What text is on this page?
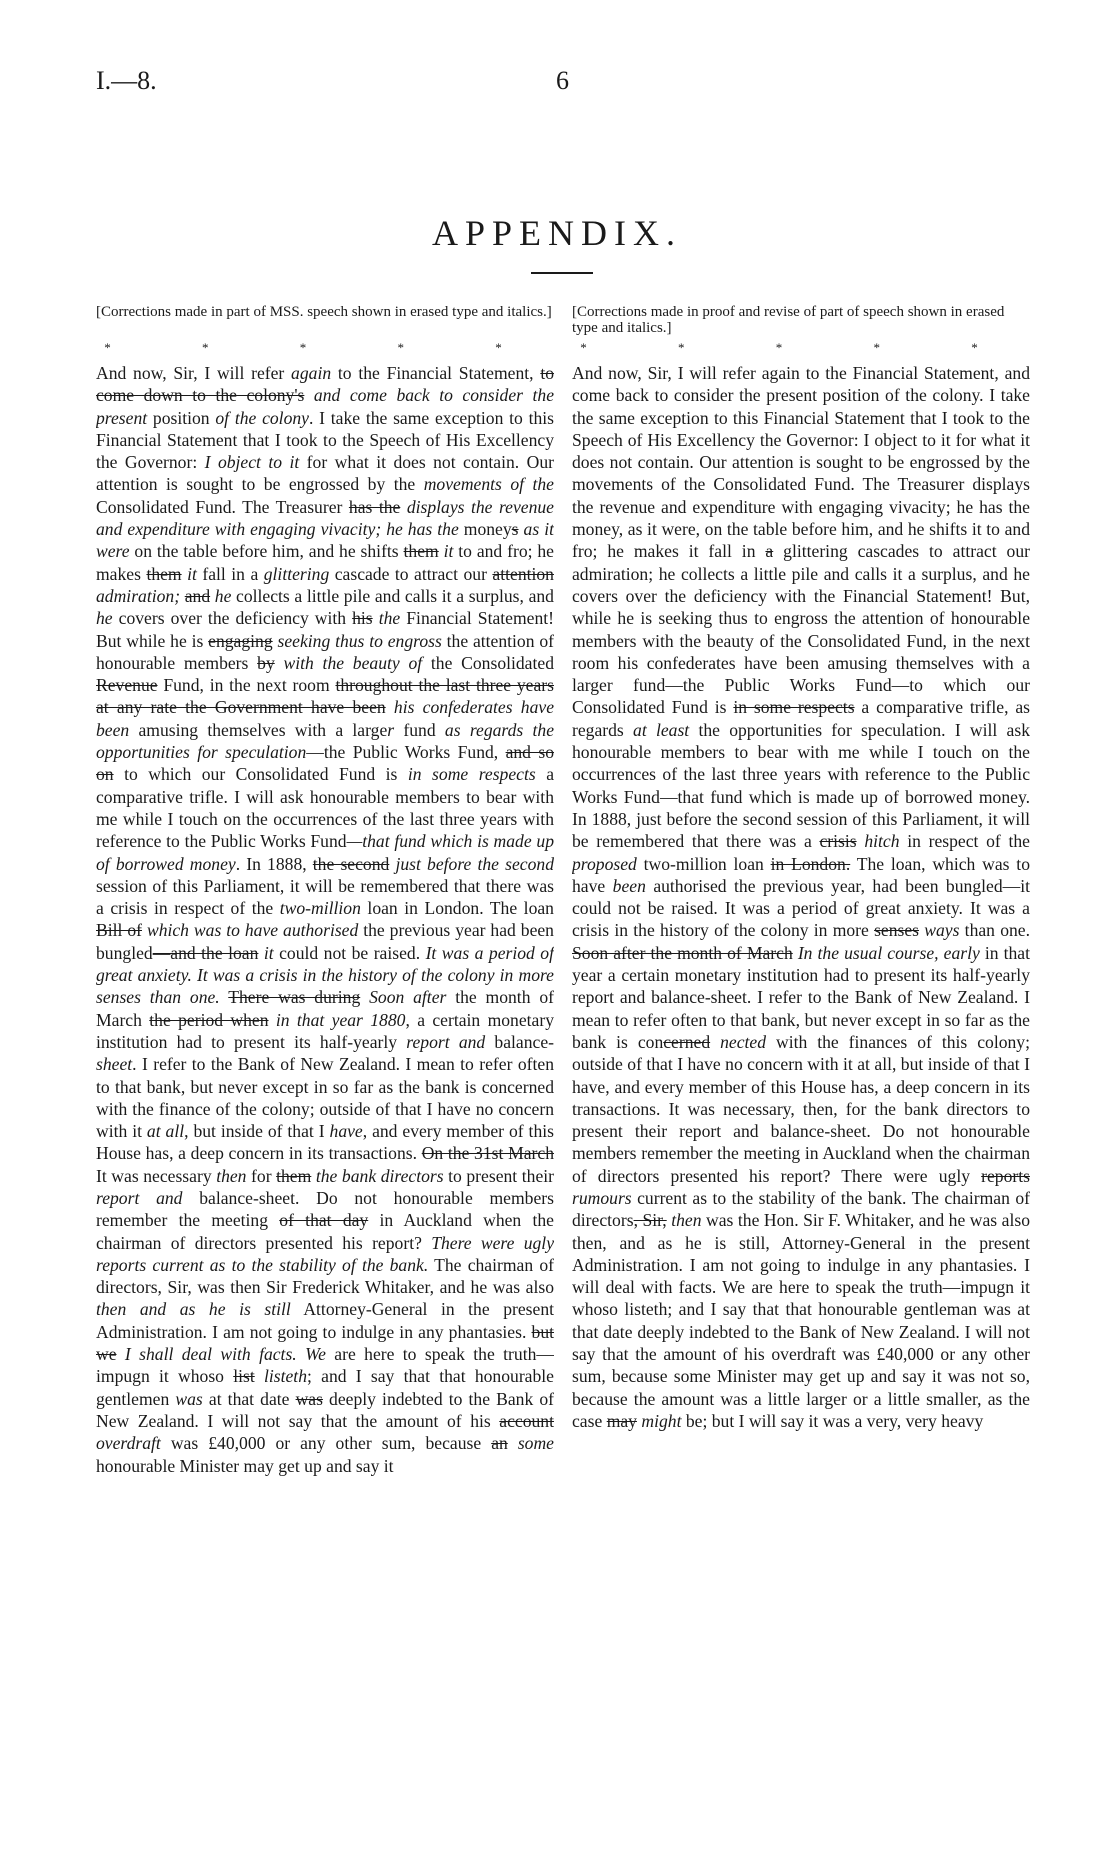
I.—8.	6
APPENDIX.

[Corrections made in part of MSS. speech shown in erased type and italics.]

* * * * *

And now, Sir, I will refer again to the Financial Statement, to come down to the colony's and come back to consider the present position of the colony. I take the same exception to this Financial Statement that I took to the Speech of His Excellency the Governor: I object to it for what it does not contain. Our attention is sought to be engrossed by the movements of the Consolidated Fund. The Treasurer has the displays the revenue and expenditure with engaging vivacity; he has the moneys as it were on the table before him, and he shifts them it to and fro; he makes them it fall in a glittering cascade to attract our attention admiration; and he collects a little pile and calls it a surplus, and he covers over the deficiency with his the Financial Statement! But while he is engaging seeking thus to engross the attention of honourable members by with the beauty of the Consolidated Revenue Fund, in the next room throughout the last three years at any rate the Government have been his confederates have been amusing themselves with a larger fund as regards the opportunities for speculation—the Public Works Fund, and so on to which our Consolidated Fund is in some respects a comparative trifle. I will ask honourable members to bear with me while I touch on the occurrences of the last three years with reference to the Public Works Fund—that fund which is made up of borrowed money. In 1888, the second just before the second session of this Parliament, it will be remembered that there was a crisis in respect of the two-million loan in London. The loan Bill of which was to have authorised the previous year had been bungled—and the loan it could not be raised. It was a period of great anxiety. It was a crisis in the history of the colony in more senses than one. There was during Soon after the month of March the period when in that year 1880, a certain monetary institution had to present its half-yearly report and balance-sheet. I refer to the Bank of New Zealand. I mean to refer often to that bank, but never except in so far as the bank is concerned with the finance of the colony; outside of that I have no concern with it at all, but inside of that I have, and every member of this House has, a deep concern in its transactions. On the 31st March It was necessary then for them the bank directors to present their report and balance-sheet. Do not honourable members remember the meeting of that day in Auckland when the chairman of directors presented his report? There were ugly reports current as to the stability of the bank. The chairman of directors, Sir, was then Sir Frederick Whitaker, and he was also then and as he is still Attorney-General in the present Administration. I am not going to indulge in any phantasies. but we I shall deal with facts. We are here to speak the truth—impugn it whoso list listeth; and I say that that honourable gentlemen was at that date was deeply indebted to the Bank of New Zealand. I will not say that the amount of his account overdraft was £40,000 or any other sum, because an some honourable Minister may get up and say it

[Corrections made in proof and revise of part of speech shown in erased type and italics.]

* * * * *

And now, Sir, I will refer again to the Financial Statement, and come back to consider the present position of the colony. I take the same exception to this Financial Statement that I took to the Speech of His Excellency the Governor: I object to it for what it does not contain. Our attention is sought to be engrossed by the movements of the Consolidated Fund. The Treasurer displays the revenue and expenditure with engaging vivacity; he has the money, as it were, on the table before him, and he shifts it to and fro; he makes it fall in a glittering cascades to attract our admiration; he collects a little pile and calls it a surplus, and he covers over the deficiency with the Financial Statement! But, while he is seeking thus to engross the attention of honourable members with the beauty of the Consolidated Fund, in the next room his confederates have been amusing themselves with a larger fund—the Public Works Fund—to which our Consolidated Fund is in some respects a comparative trifle, as regards at least the opportunities for speculation. I will ask honourable members to bear with me while I touch on the occurrences of the last three years with reference to the Public Works Fund—that fund which is made up of borrowed money. In 1888, just before the second session of this Parliament, it will be remembered that there was a crisis hitch in respect of the proposed two-million loan in London. The loan, which was to have been authorised the previous year, had been bungled—it could not be raised. It was a period of great anxiety. It was a crisis in the history of the colony in more senses ways than one. Soon after the month of March In the usual course, early in that year a certain monetary institution had to present its half-yearly report and balance-sheet. I refer to the Bank of New Zealand. I mean to refer often to that bank, but never except in so far as the bank is concerned nected with the finances of this colony; outside of that I have no concern with it at all, but inside of that I have, and every member of this House has, a deep concern in its transactions. It was necessary, then, for the bank directors to present their report and balance-sheet. Do not honourable members remember the meeting in Auckland when the chairman of directors presented his report? There were ugly reports rumours current as to the stability of the bank. The chairman of directors, Sir, then was the Hon. Sir F. Whitaker, and he was also then, and as he is still, Attorney-General in the present Administration. I am not going to indulge in any phantasies. I will deal with facts. We are here to speak the truth—impugn it whoso listeth; and I say that that honourable gentleman was at that date deeply indebted to the Bank of New Zealand. I will not say that the amount of his overdraft was £40,000 or any other sum, because some Minister may get up and say it was not so, because the amount was a little larger or a little smaller, as the case may might be; but I will say it was a very, very heavy
